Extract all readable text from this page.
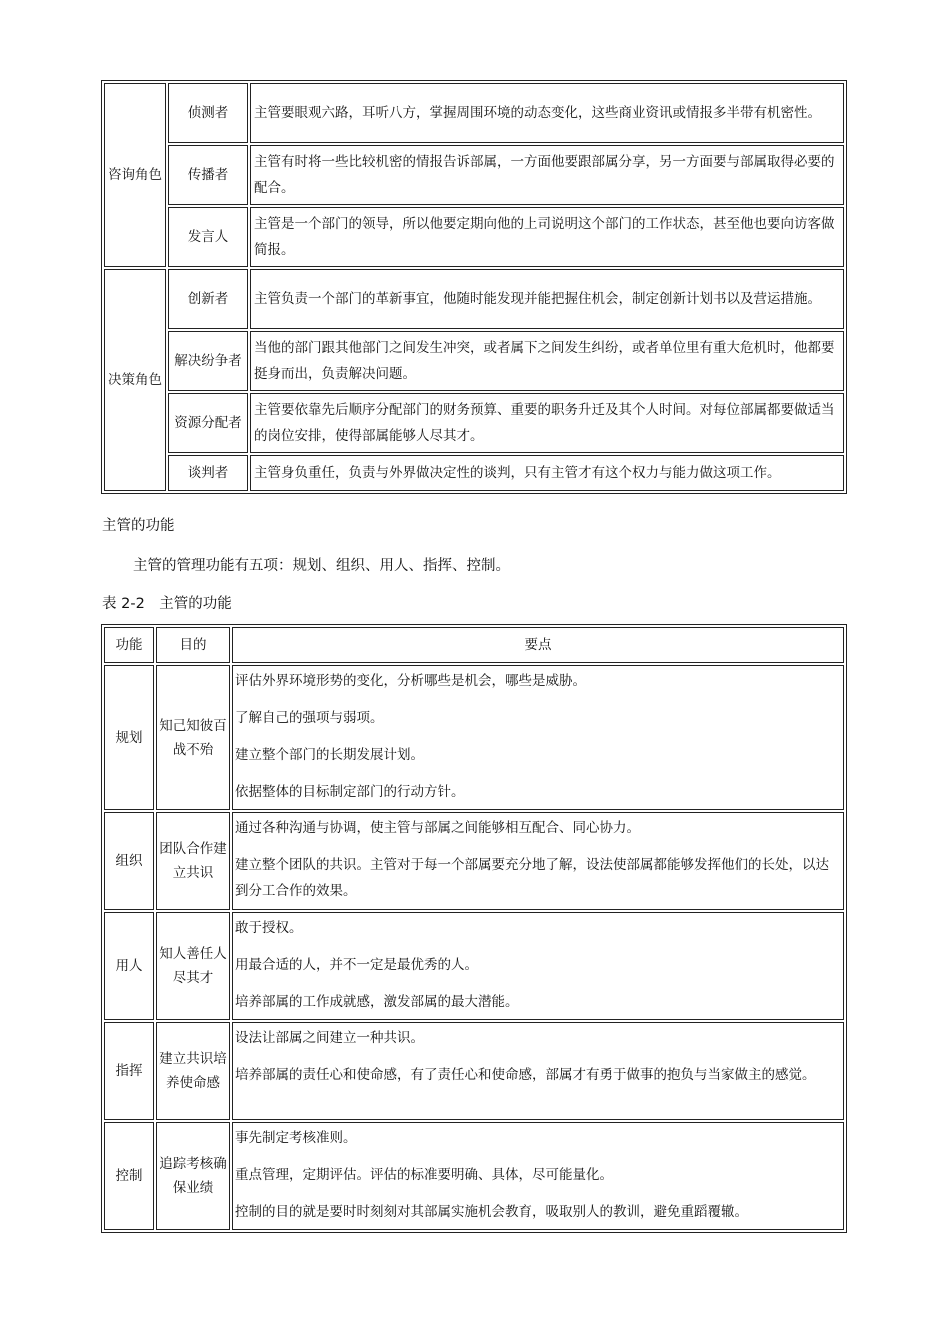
咨询角色	侦测者	主管要眼观六路，耳听八方，掌握周围环境的动态变化，这些商业资讯或情报多半带有机密性。
	传播者	主管有时将一些比较机密的情报告诉部属，一方面他要跟部属分享，另一方面要与部属取得必要的配合。
	发言人	主管是一个部门的领导，所以他要定期向他的上司说明这个部门的工作状态，甚至他也要向访客做简报。
决策角色	创新者	主管负责一个部门的革新事宜，他随时能发现并能把握住机会，制定创新计划书以及营运措施。
	解决纷争者	当他的部门跟其他部门之间发生冲突，或者属下之间发生纠纷，或者单位里有重大危机时，他都要挺身而出，负责解决问题。
	资源分配者	主管要依靠先后顺序分配部门的财务预算、重要的职务升迁及其个人时间。对每位部属都要做适当的岗位安排，使得部属能够人尽其才。
	谈判者	主管身负重任，负责与外界做决定性的谈判，只有主管才有这个权力与能力做这项工作。
主管的功能
主管的管理功能有五项：规划、组织、用人、指挥、控制。
表 2-2　主管的功能
功能	目的	要点
规划	知己知彼百战不殆	评估外界环境形势的变化，分析哪些是机会，哪些是威胁。

了解自己的强项与弱项。

建立整个部门的长期发展计划。

依据整体的目标制定部门的行动方针。

组织	团队合作建立共识	通过各种沟通与协调，使主管与部属之间能够相互配合、同心协力。

建立整个团队的共识。主管对于每一个部属要充分地了解，设法使部属都能够发挥他们的长处，以达到分工合作的效果。

用人	知人善任人尽其才	敢于授权。

用最合适的人，并不一定是最优秀的人。

培养部属的工作成就感，激发部属的最大潜能。

指挥	建立共识培养使命感	设法让部属之间建立一种共识。

培养部属的责任心和使命感，有了责任心和使命感，部属才有勇于做事的抱负与当家做主的感觉。

控制	追踪考核确保业绩	事先制定考核准则。

重点管理，定期评估。评估的标准要明确、具体，尽可能量化。

控制的目的就是要时时刻刻对其部属实施机会教育，吸取别人的教训，避免重蹈覆辙。
